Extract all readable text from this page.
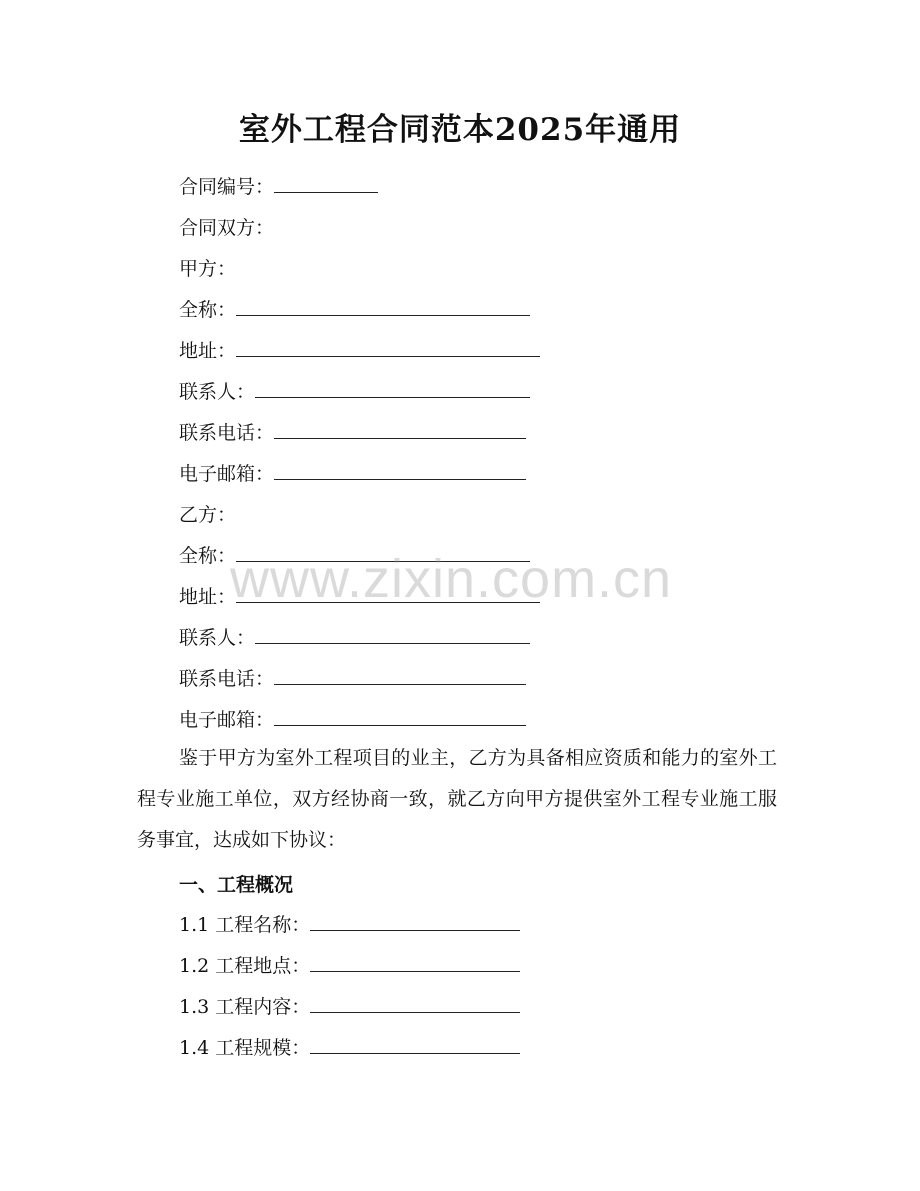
室外工程合同范本2025年通用
合同编号：
合同双方：
甲方：
全称：
地址：
联系人：
联系电话：
电子邮箱：
乙方：
全称：
地址：
联系人：
联系电话：
电子邮箱：
鉴于甲方为室外工程项目的业主，乙方为具备相应资质和能力的室外工程专业施工单位，双方经协商一致，就乙方向甲方提供室外工程专业施工服务事宜，达成如下协议：
一、工程概况
1.1 工程名称：
1.2 工程地点：
1.3 工程内容：
1.4 工程规模：
www.zixin.com.cn
